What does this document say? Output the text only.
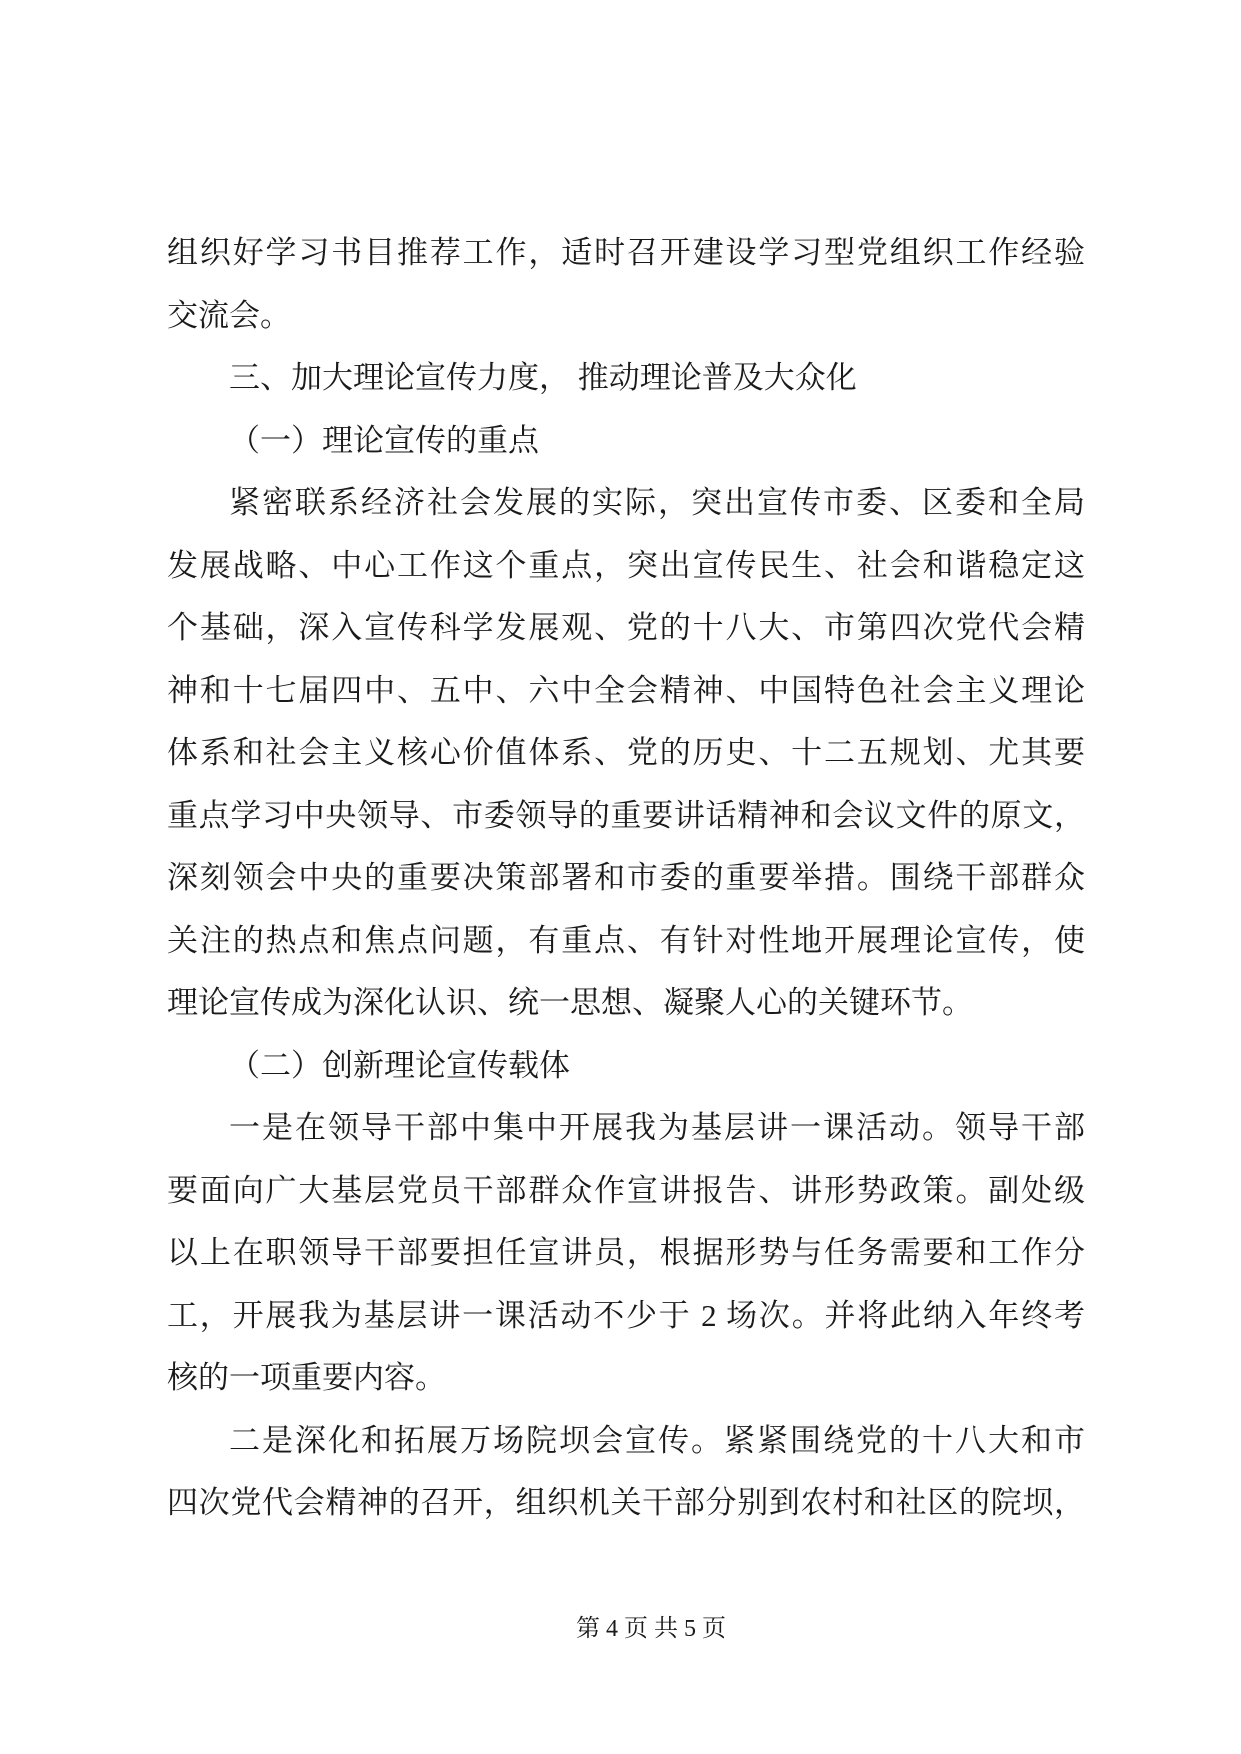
组织好学习书目推荐工作，适时召开建设学习型党组织工作经验
交流会。
三、加大理论宣传力度， 推动理论普及大众化
（一）理论宣传的重点
紧密联系经济社会发展的实际，突出宣传市委、区委和全局
发展战略、中心工作这个重点，突出宣传民生、社会和谐稳定这
个基础，深入宣传科学发展观、党的十八大、市第四次党代会精
神和十七届四中、五中、六中全会精神、中国特色社会主义理论
体系和社会主义核心价值体系、党的历史、十二五规划、尤其要
重点学习中央领导、市委领导的重要讲话精神和会议文件的原文，
深刻领会中央的重要决策部署和市委的重要举措。围绕干部群众
关注的热点和焦点问题，有重点、有针对性地开展理论宣传，使
理论宣传成为深化认识、统一思想、凝聚人心的关键环节。
（二）创新理论宣传载体
一是在领导干部中集中开展我为基层讲一课活动。领导干部
要面向广大基层党员干部群众作宣讲报告、讲形势政策。副处级
以上在职领导干部要担任宣讲员，根据形势与任务需要和工作分
工，开展我为基层讲一课活动不少于 2 场次。并将此纳入年终考
核的一项重要内容。
二是深化和拓展万场院坝会宣传。紧紧围绕党的十八大和市
四次党代会精神的召开，组织机关干部分别到农村和社区的院坝，
第 4 页 共 5 页
